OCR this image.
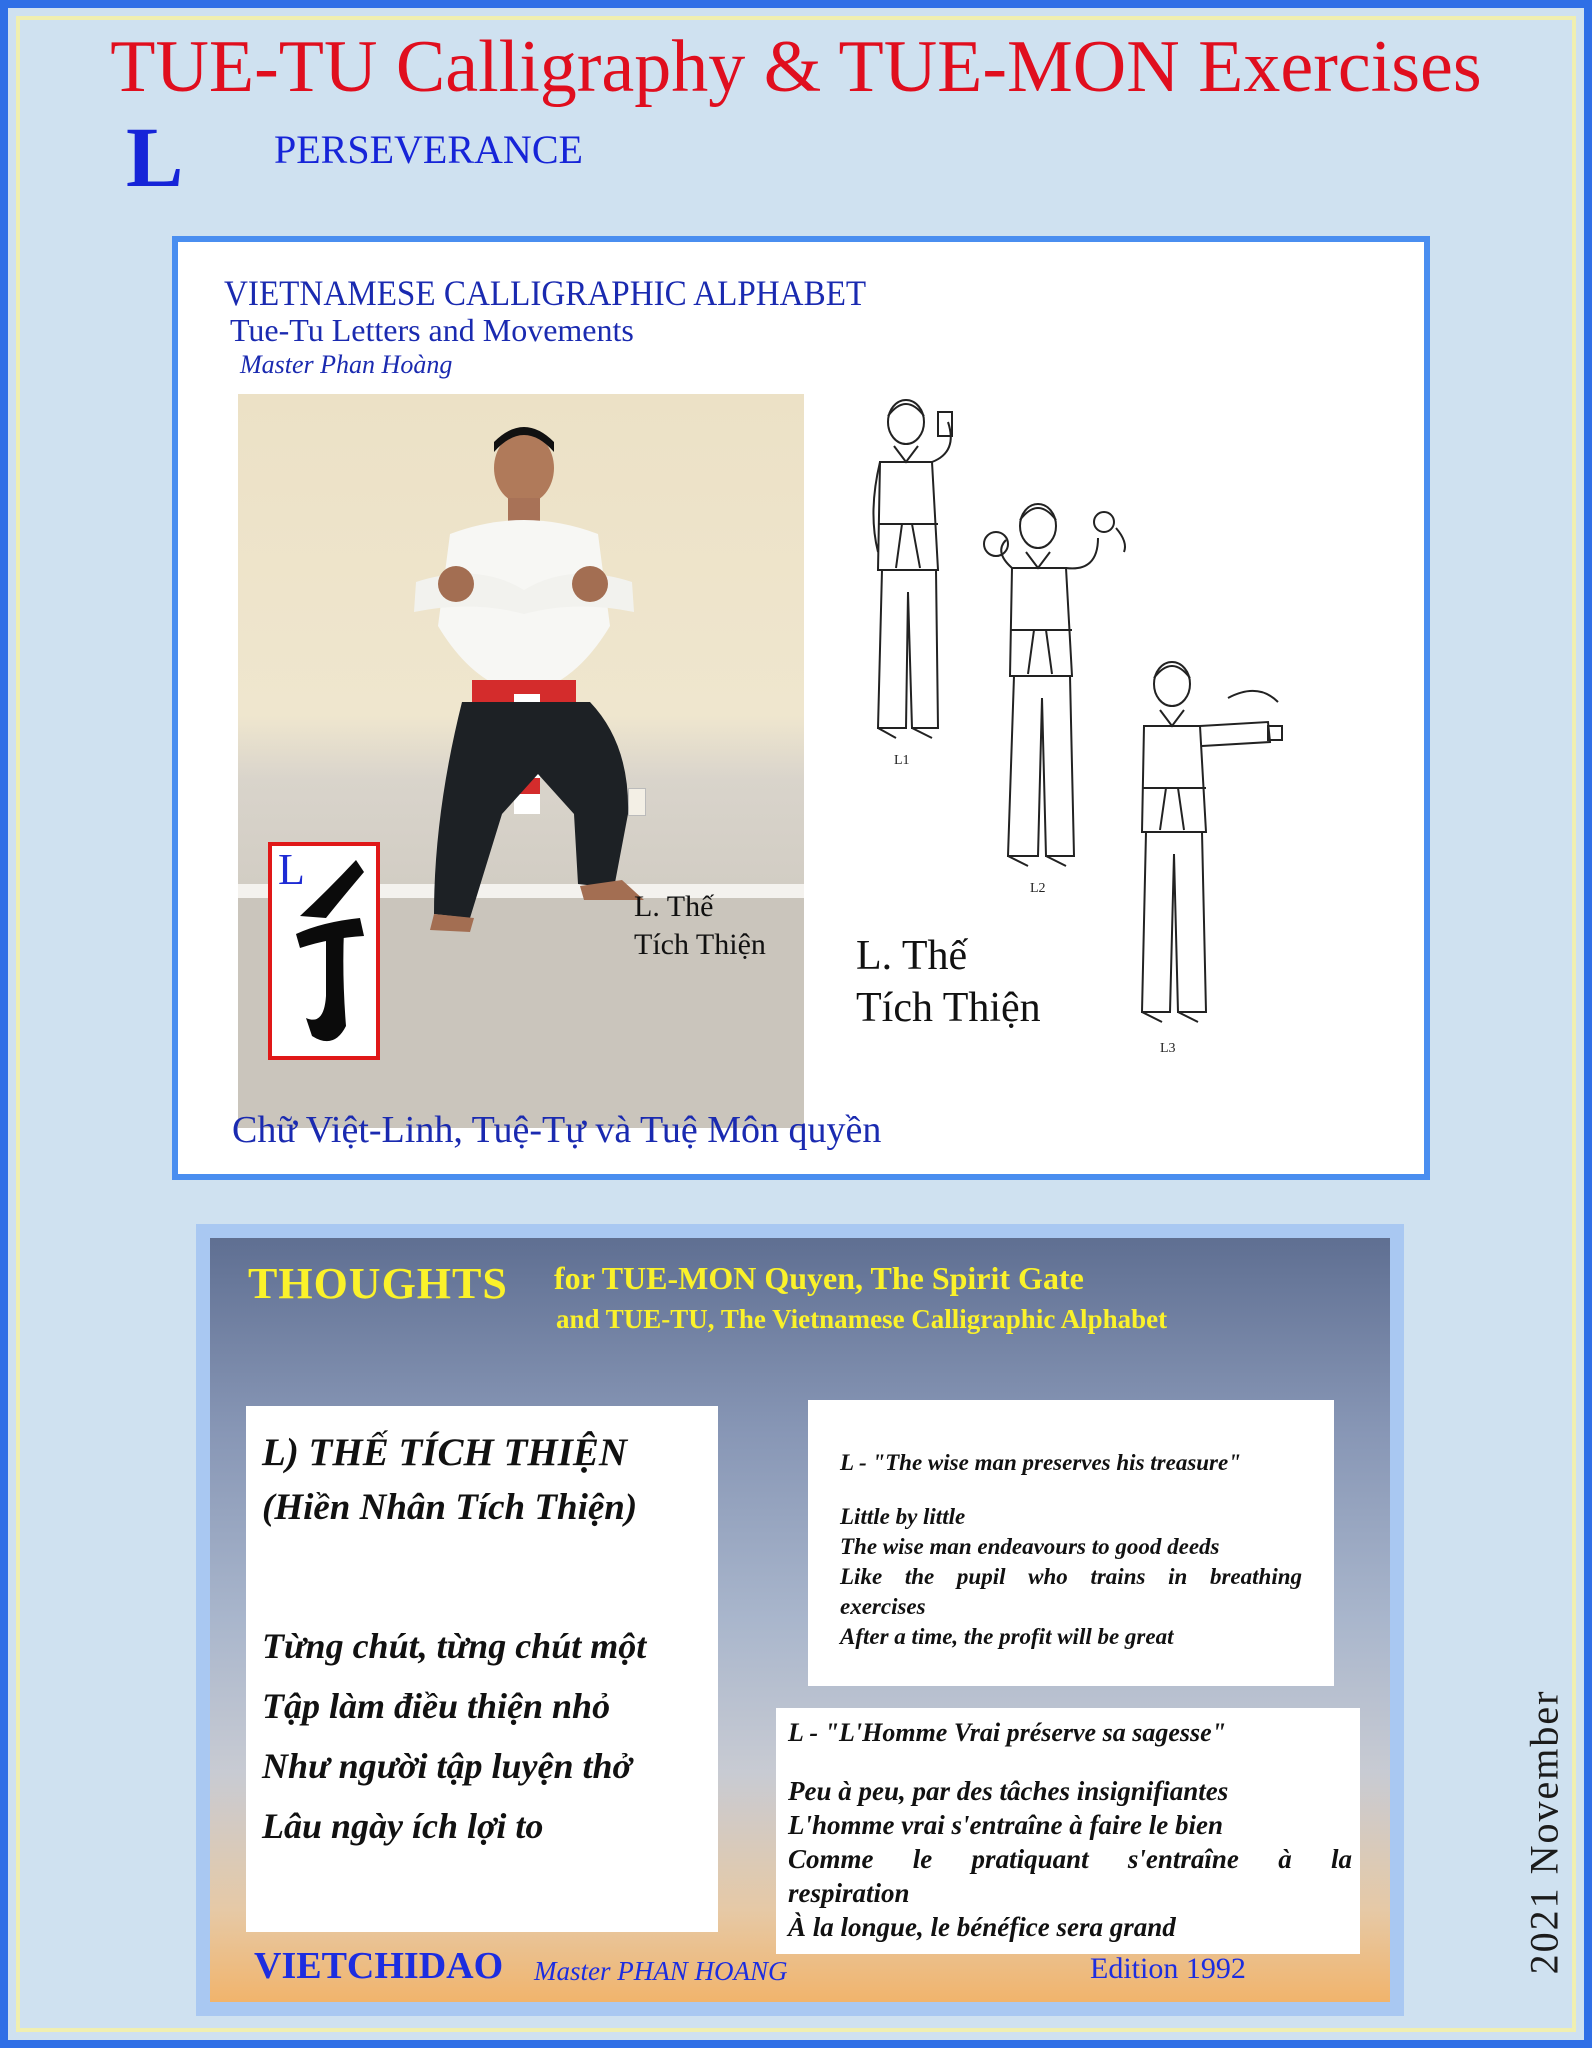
TUE-TU Calligraphy & TUE-MON Exercises
L PERSEVERANCE
VIETNAMESE CALLIGRAPHIC ALPHABET
Tue-Tu Letters and Movements
Master Phan Hoàng
L
L. Thế
Tích Thiện
L1
L2
L3
L. Thế
Tích Thiện
Chữ Việt-Linh, Tuệ-Tự và Tuệ Môn quyền
THOUGHTS for TUE-MON Quyen, The Spirit Gate
and TUE-TU, The Vietnamese Calligraphic Alphabet
L) THẾ TÍCH THIỆN
(Hiền Nhân Tích Thiện)
Từng chút, từng chút một
Tập làm điều thiện nhỏ
Như người tập luyện thở
Lâu ngày ích lợi to
L - "The wise man preserves his treasure"
Little by little
The wise man endeavours to good deeds
Like the pupil who trains in breathing
exercises
After a time, the profit will be great
L - "L'Homme Vrai préserve sa sagesse"
Peu à peu, par des tâches insignifiantes
L'homme vrai s'entraîne à faire le bien
Comme le pratiquant s'entraîne à la
respiration
À la longue, le bénéfice sera grand
VIETCHIDAO Master PHAN HOANG	Edition 1992	2021 November
